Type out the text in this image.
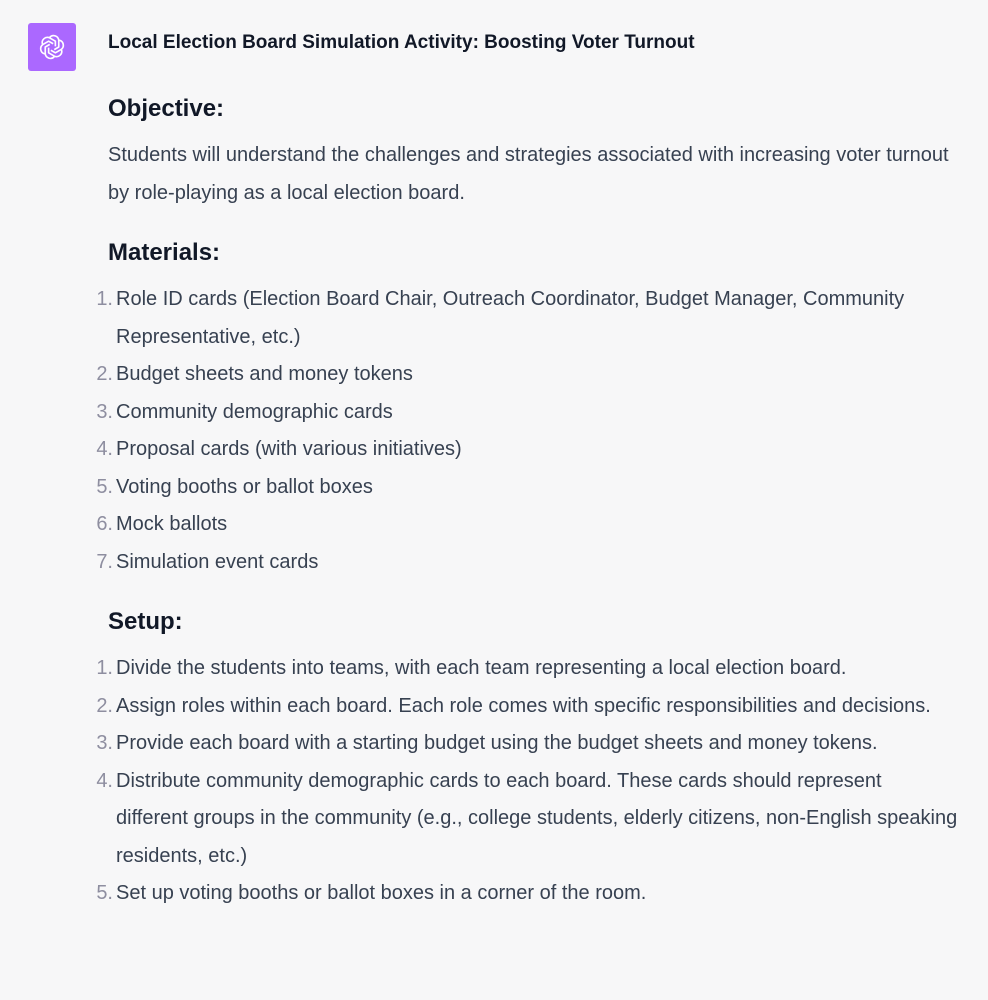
Local Election Board Simulation Activity: Boosting Voter Turnout
Objective:

Students will understand the challenges and strategies associated with increasing voter turnout by role-playing as a local election board.

Materials:
1. Role ID cards (Election Board Chair, Outreach Coordinator, Budget Manager, Community Representative, etc.)
2. Budget sheets and money tokens
3. Community demographic cards
4. Proposal cards (with various initiatives)
5. Voting booths or ballot boxes
6. Mock ballots
7. Simulation event cards
Setup:
1. Divide the students into teams, with each team representing a local election board.
2. Assign roles within each board. Each role comes with specific responsibilities and decisions.
3. Provide each board with a starting budget using the budget sheets and money tokens.
4. Distribute community demographic cards to each board. These cards should represent different groups in the community (e.g., college students, elderly citizens, non-English speaking residents, etc.)
5. Set up voting booths or ballot boxes in a corner of the room.
